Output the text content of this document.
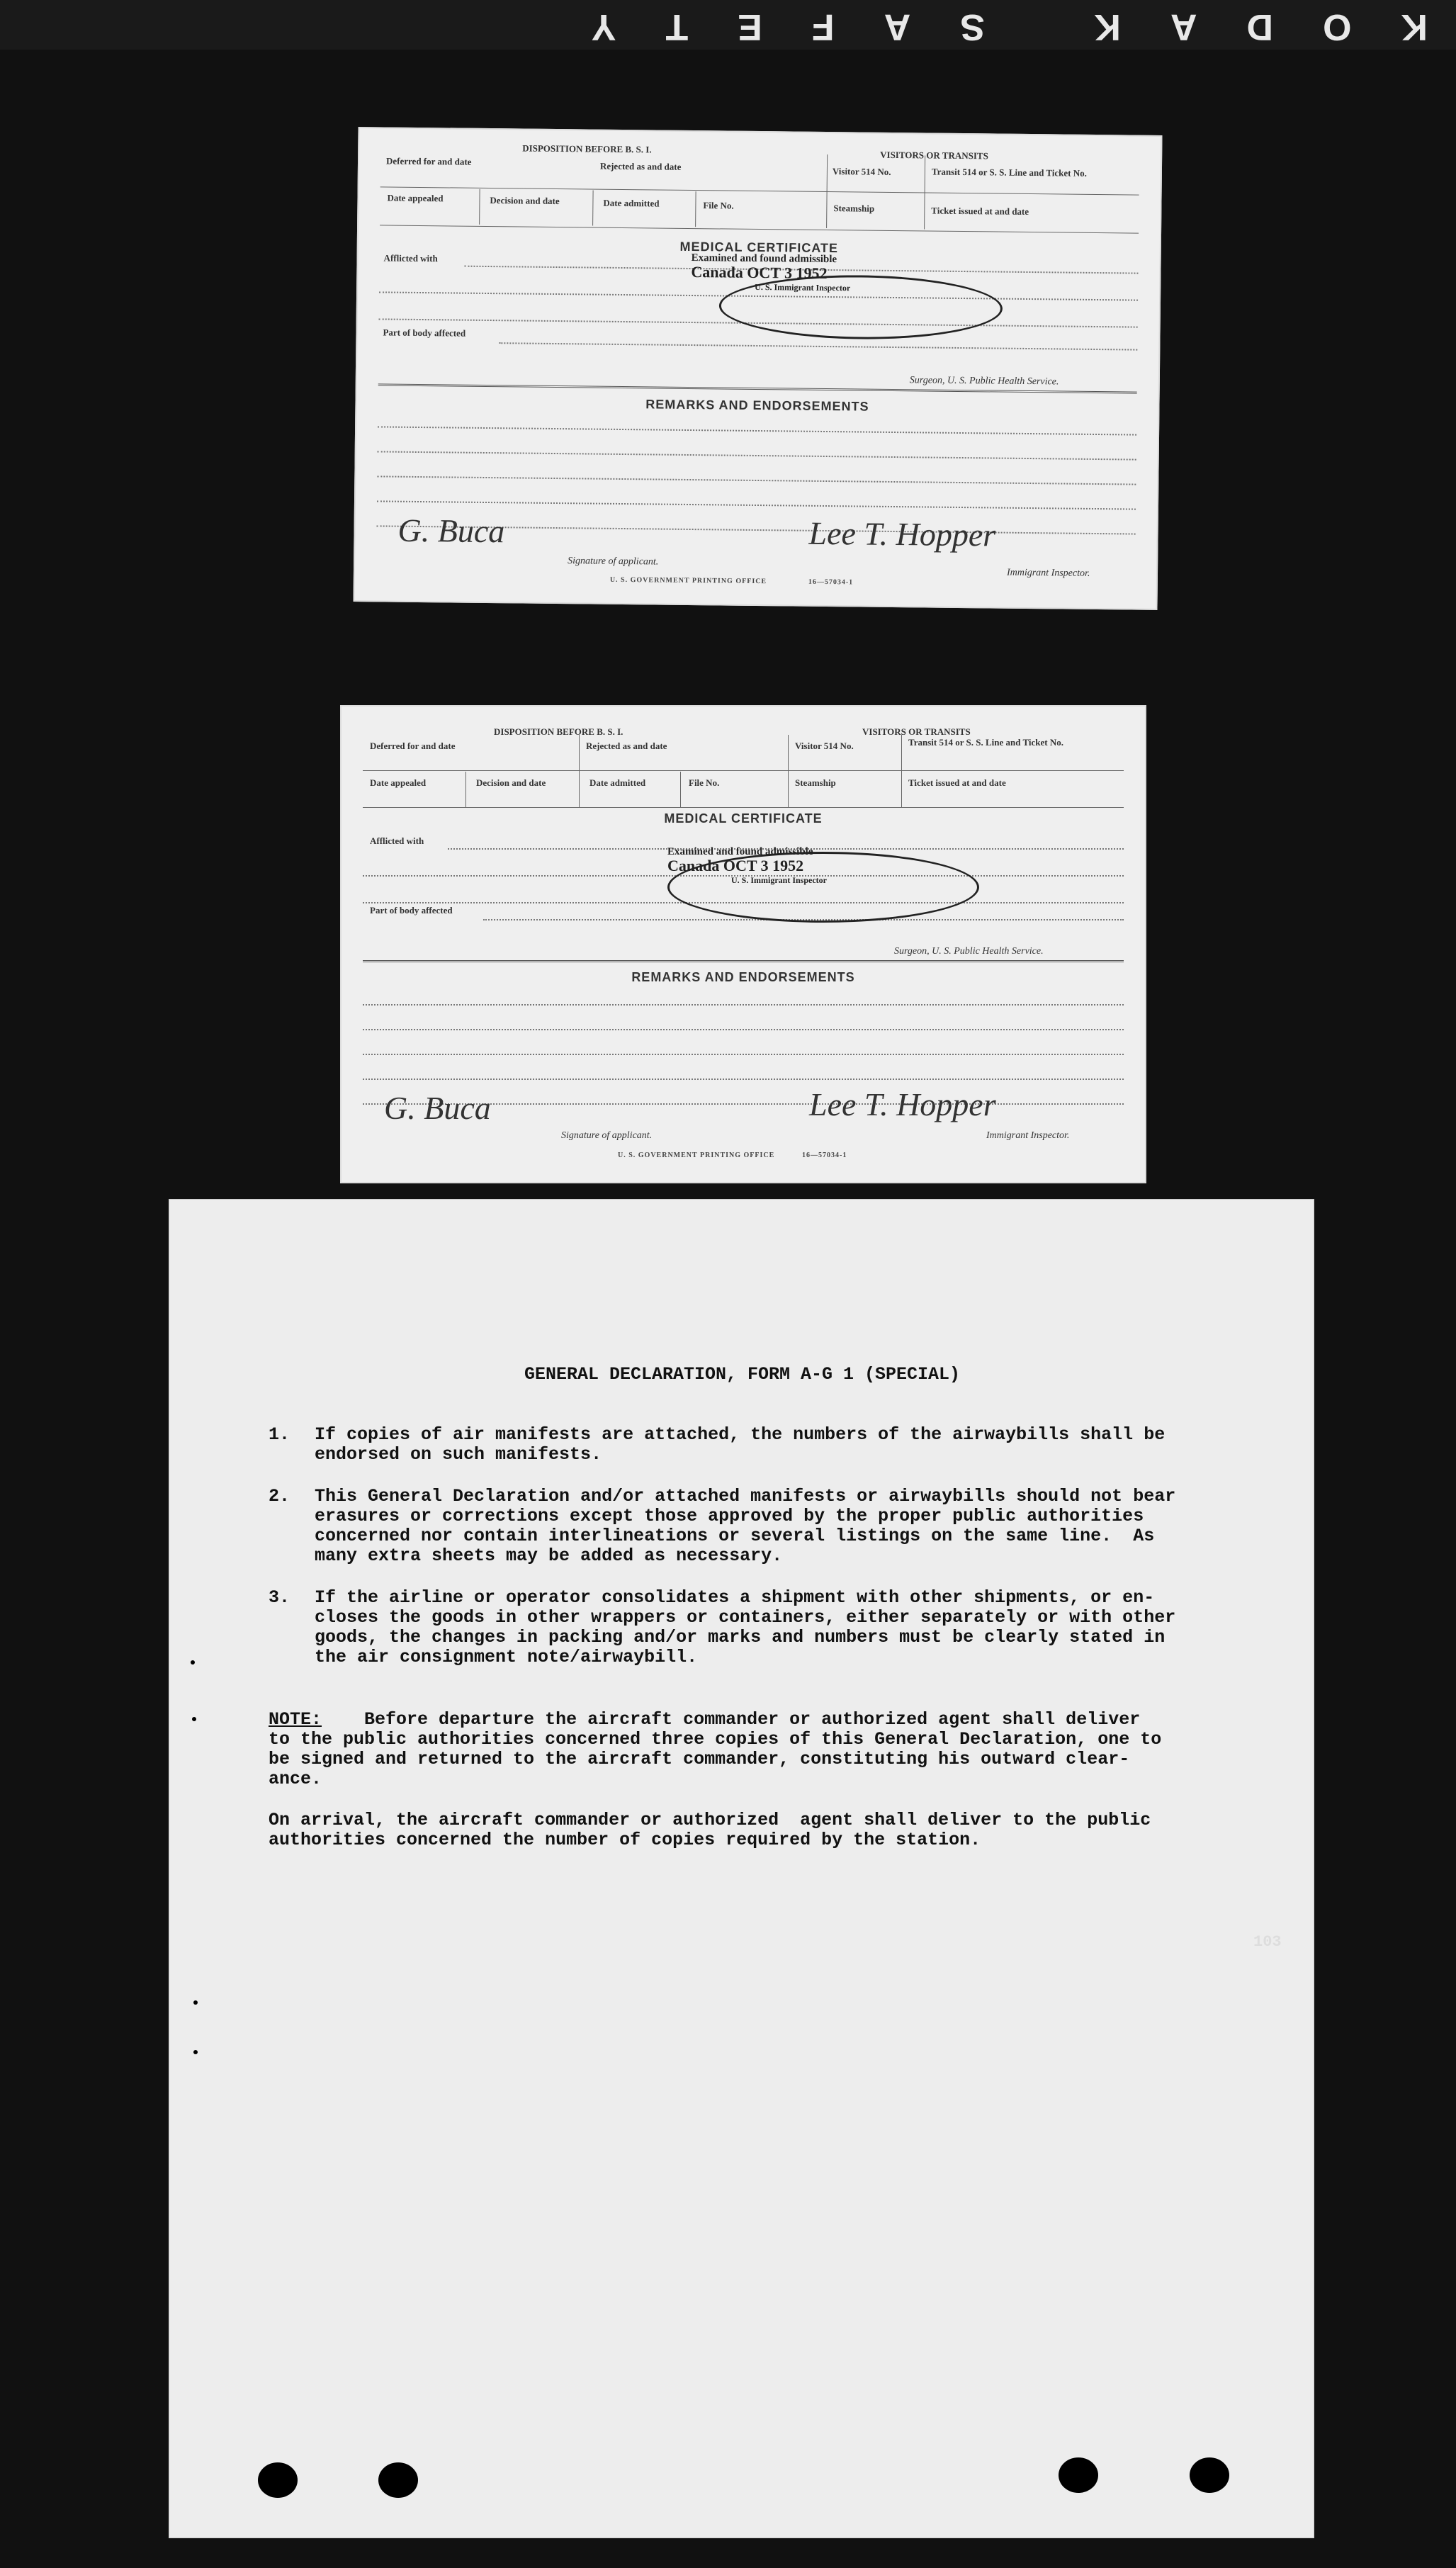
KODAK SAFETY
DISPOSITION BEFORE B. S. I.
VISITORS OR TRANSITS
Deferred for and date	Rejected as and date	Visitor 514 No.	Transit 514 or S. S. Line and Ticket No.
Date appealed	Decision and date	Date admitted	File No.	Steamship	Ticket issued at and date
MEDICAL CERTIFICATE
Afflicted with
Part of body affected
Examined and found admissible
Canada OCT 3 1952
U. S. Immigrant Inspector
Surgeon, U. S. Public Health Service.
REMARKS AND ENDORSEMENTS
G. Buca	Lee T. Hopper
Signature of applicant.
Immigrant Inspector.
U. S. GOVERNMENT PRINTING OFFICE	16—57034-1
DISPOSITION BEFORE B. S. I.	VISITORS OR TRANSITS
Deferred for and date	Rejected as and date	Visitor 514 No.	Transit 514 or S. S. Line and Ticket No.
Date appealed	Decision and date	Date admitted	File No.	Steamship	Ticket issued at and date
MEDICAL CERTIFICATE
Afflicted with
Part of body affected
Examined and found admissible
Canada OCT 3 1952
U. S. Immigrant Inspector
Surgeon, U. S. Public Health Service.
REMARKS AND ENDORSEMENTS
G. Buca	Lee T. Hopper
Signature of applicant.	Immigrant Inspector.
U. S. GOVERNMENT PRINTING OFFICE	16—57034-1
103
GENERAL DECLARATION, FORM A-G 1 (SPECIAL)
1. If copies of air manifests are attached, the numbers of the airwaybills shall be
endorsed on such manifests.
2. This General Declaration and/or attached manifests or airwaybills should not bear
erasures or corrections except those approved by the proper public authorities
concerned nor contain interlineations or several listings on the same line.  As
many extra sheets may be added as necessary.
3. If the airline or operator consolidates a shipment with other shipments, or en-
closes the goods in other wrappers or containers, either separately or with other
goods, the changes in packing and/or marks and numbers must be clearly stated in
the air consignment note/airwaybill.
NOTE:    Before departure the aircraft commander or authorized agent shall deliver
to the public authorities concerned three copies of this General Declaration, one to
be signed and returned to the aircraft commander, constituting his outward clear-
ance.
On arrival, the aircraft commander or authorized  agent shall deliver to the public
authorities concerned the number of copies required by the station.
